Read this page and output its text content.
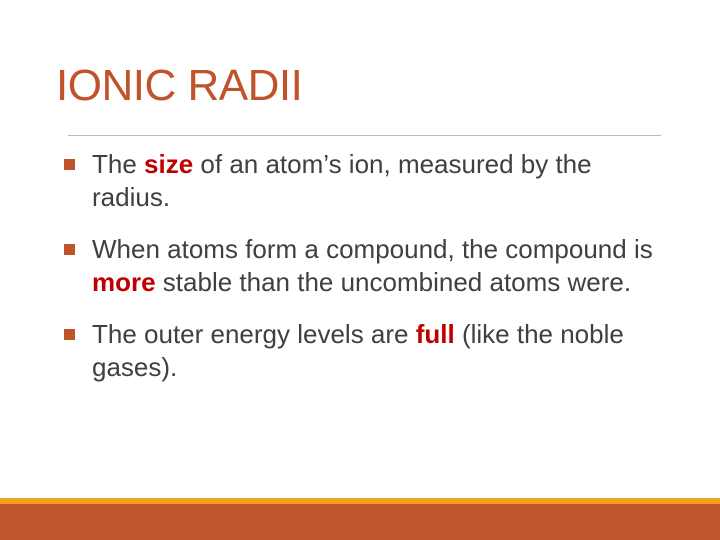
IONIC RADII
The size of an atom’s ion, measured by the radius.
When atoms form a compound, the compound is more stable than the uncombined atoms were.
The outer energy levels are full (like the noble gases).
